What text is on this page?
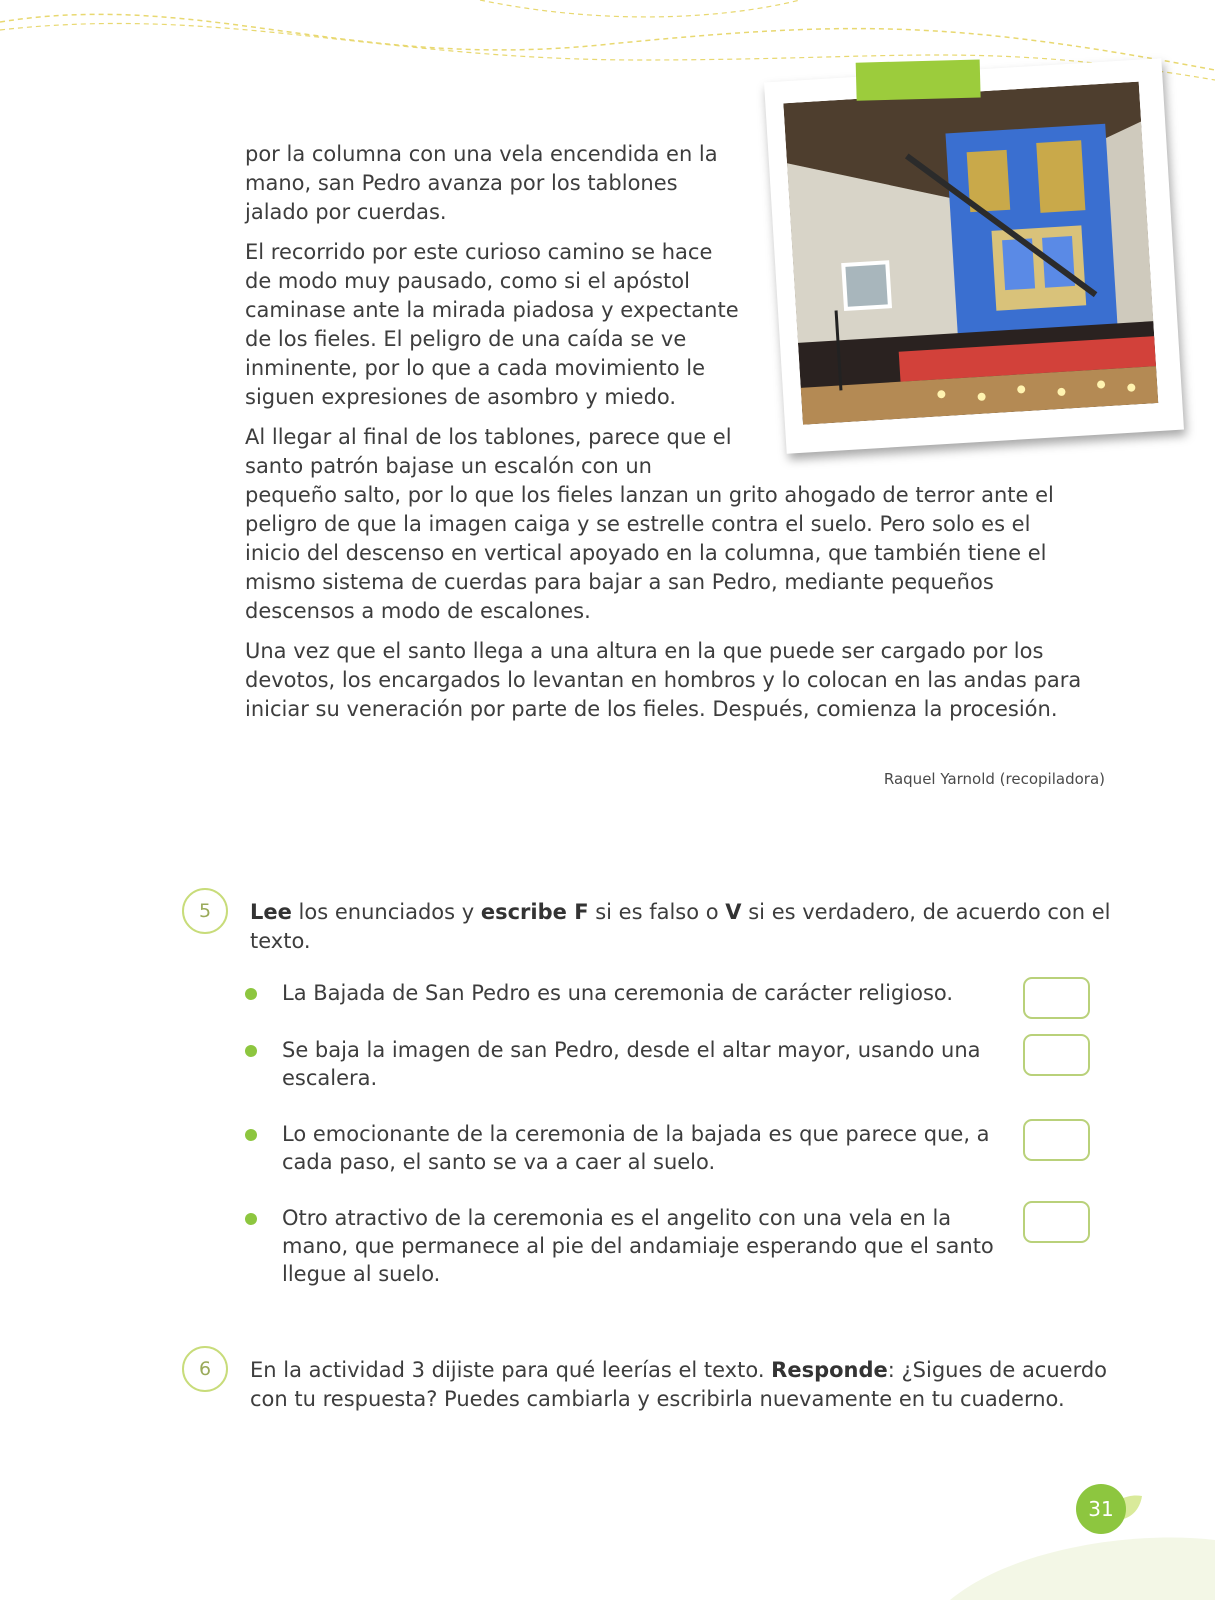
por la columna con una vela encendida en la mano, san Pedro avanza por los tablones jalado por cuerdas.

El recorrido por este curioso camino se hace de modo muy pausado, como si el apóstol caminase ante la mirada piadosa y expectante de los fieles. El peligro de una caída se ve inminente, por lo que a cada movimiento le siguen expresiones de asombro y miedo.

Al llegar al final de los tablones, parece que el santo patrón bajase un escalón con un pequeño salto, por lo que los fieles lanzan un grito ahogado de terror ante el peligro de que la imagen caiga y se estrelle contra el suelo. Pero solo es el inicio del descenso en vertical apoyado en la columna, que también tiene el mismo sistema de cuerdas para bajar a san Pedro, mediante pequeños descensos a modo de escalones.

Una vez que el santo llega a una altura en la que puede ser cargado por los devotos, los encargados lo levantan en hombros y lo colocan en las andas para iniciar su veneración por parte de los fieles. Después, comienza la procesión.

Raquel Yarnold (recopiladora)
5	Lee los enunciados y escribe F si es falso o V si es verdadero, de acuerdo con el texto.
La Bajada de San Pedro es una ceremonia de carácter religioso.
Se baja la imagen de san Pedro, desde el altar mayor, usando una escalera.
Lo emocionante de la ceremonia de la bajada es que parece que, a cada paso, el santo se va a caer al suelo.
Otro atractivo de la ceremonia es el angelito con una vela en la mano, que permanece al pie del andamiaje esperando que el santo llegue al suelo.
6	En la actividad 3 dijiste para qué leerías el texto. Responde: ¿Sigues de acuerdo con tu respuesta? Puedes cambiarla y escribirla nuevamente en tu cuaderno.
31
